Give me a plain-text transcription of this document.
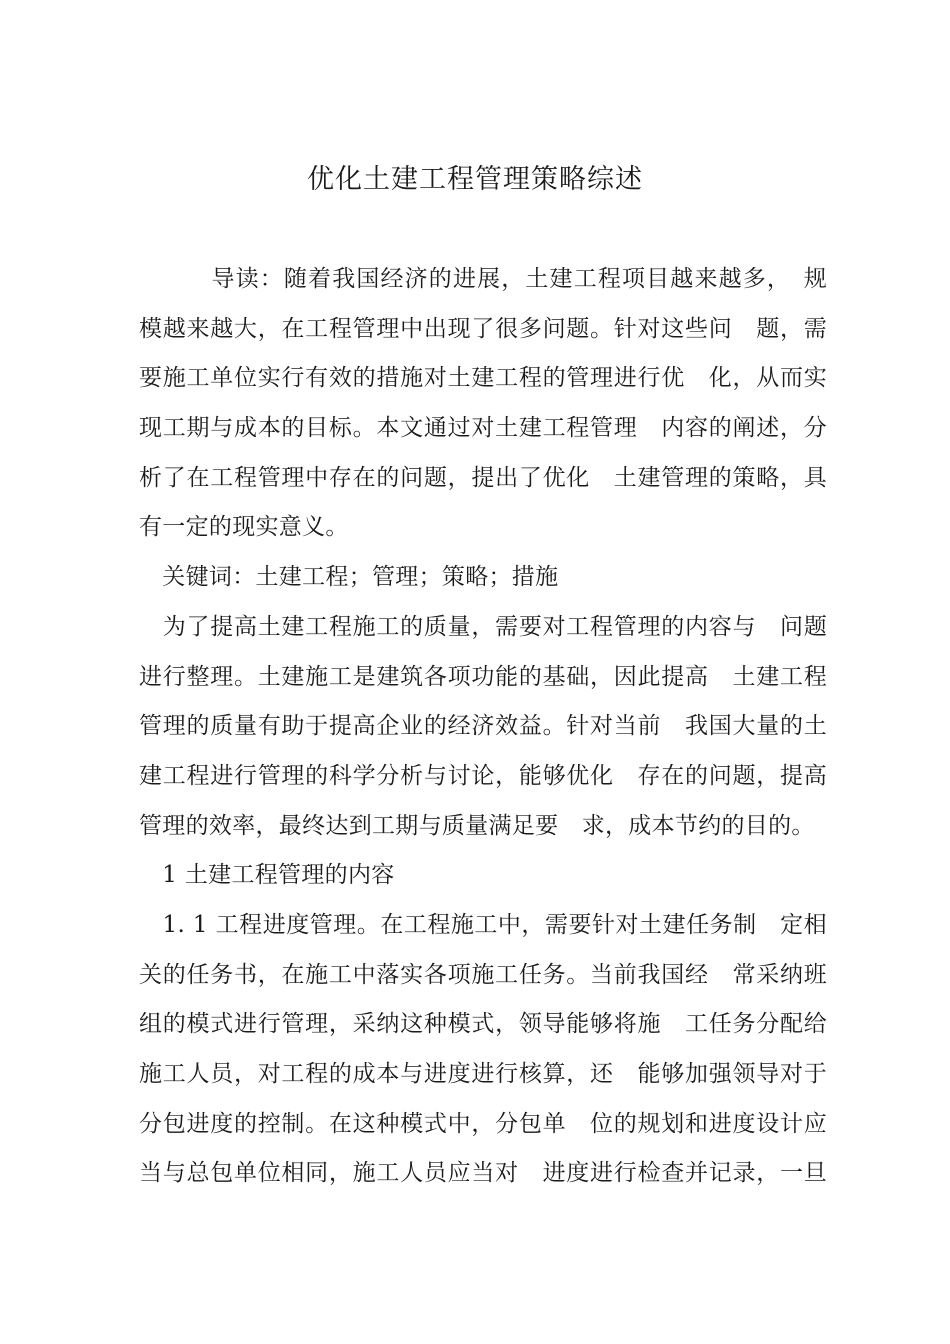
优化土建工程管理策略综述
　　　导读：随着我国经济的进展，土建工程项目越来越多，　规
模越来越大，在工程管理中出现了很多问题。针对这些问　题，需
要施工单位实行有效的措施对土建工程的管理进行优　化，从而实
现工期与成本的目标。本文通过对土建工程管理　内容的阐述，分
析了在工程管理中存在的问题，提出了优化　土建管理的策略，具
有一定的现实意义。
　关键词：土建工程；管理；策略；措施
　为了提高土建工程施工的质量，需要对工程管理的内容与　问题
进行整理。土建施工是建筑各项功能的基础，因此提高　土建工程
管理的质量有助于提高企业的经济效益。针对当前　我国大量的土
建工程进行管理的科学分析与讨论，能够优化　存在的问题，提高
管理的效率，最终达到工期与质量满足要　求，成本节约的目的。
　1 土建工程管理的内容
　1. 1 工程进度管理。在工程施工中，需要针对土建任务制　定相
关的任务书，在施工中落实各项施工任务。当前我国经　常采纳班
组的模式进行管理，采纳这种模式，领导能够将施　工任务分配给
施工人员，对工程的成本与进度进行核算，还　能够加强领导对于
分包进度的控制。在这种模式中，分包单　位的规划和进度设计应
当与总包单位相同，施工人员应当对　进度进行检查并记录，一旦
